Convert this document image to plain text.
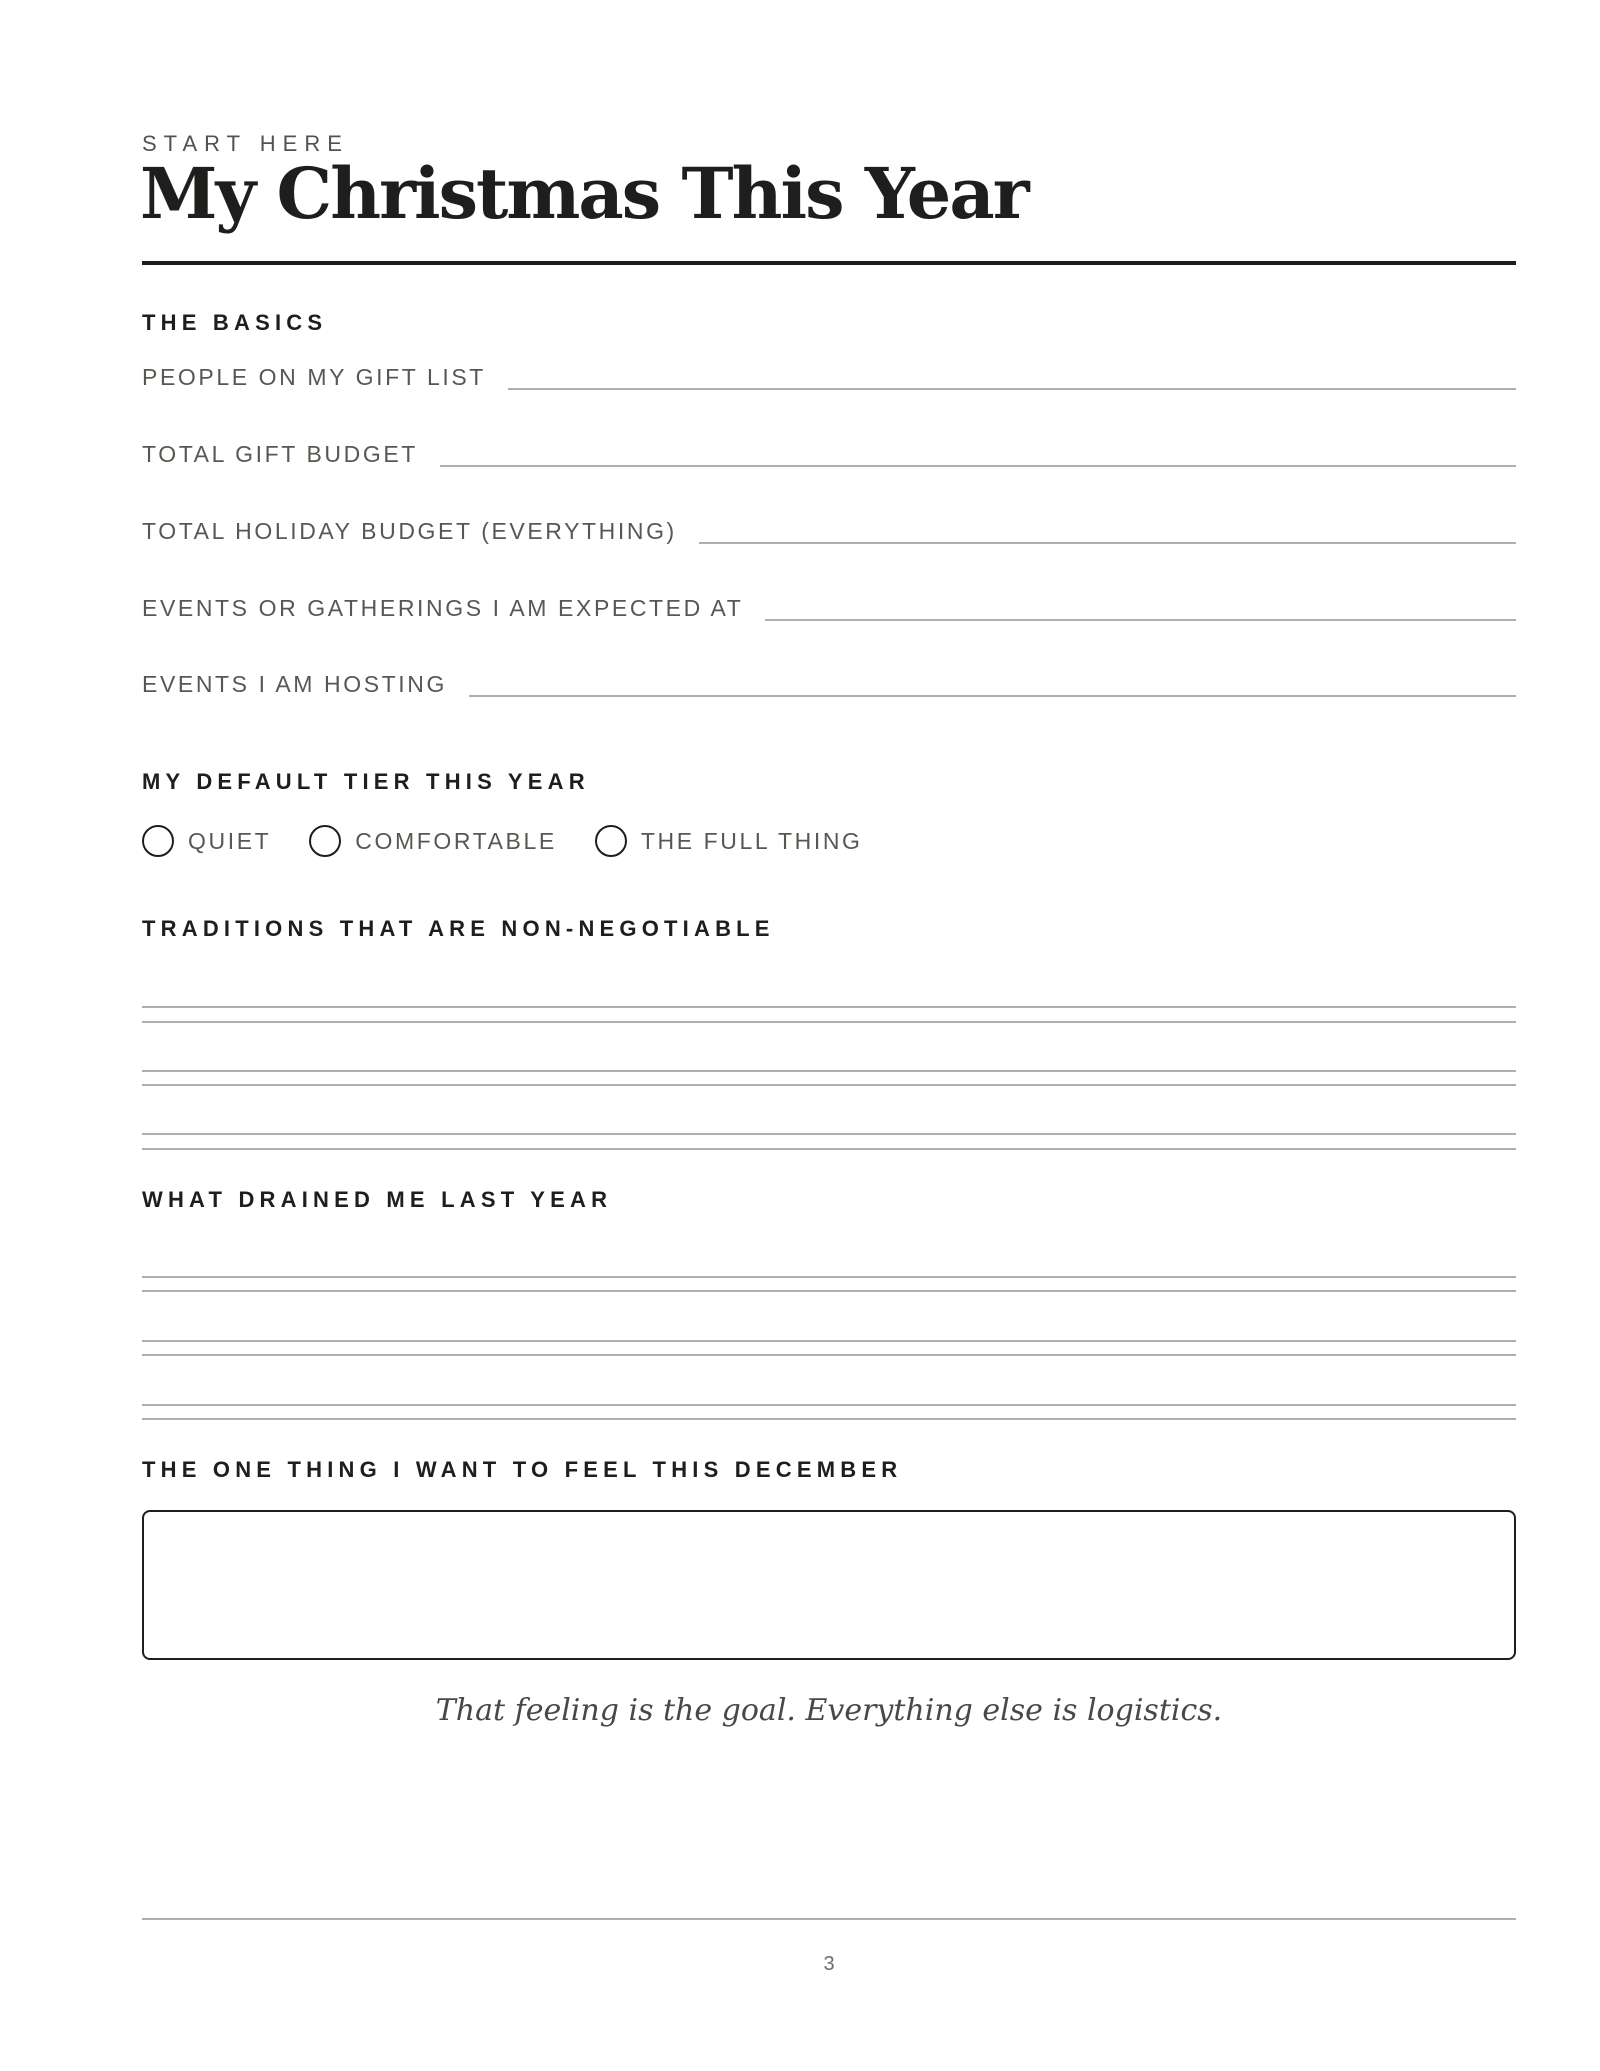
START HERE
My Christmas This Year
THE BASICS
PEOPLE ON MY GIFT LIST
TOTAL GIFT BUDGET
TOTAL HOLIDAY BUDGET (EVERYTHING)
EVENTS OR GATHERINGS I AM EXPECTED AT
EVENTS I AM HOSTING
MY DEFAULT TIER THIS YEAR
QUIET	COMFORTABLE	THE FULL THING
TRADITIONS THAT ARE NON-NEGOTIABLE
WHAT DRAINED ME LAST YEAR
THE ONE THING I WANT TO FEEL THIS DECEMBER
That feeling is the goal. Everything else is logistics.
3
